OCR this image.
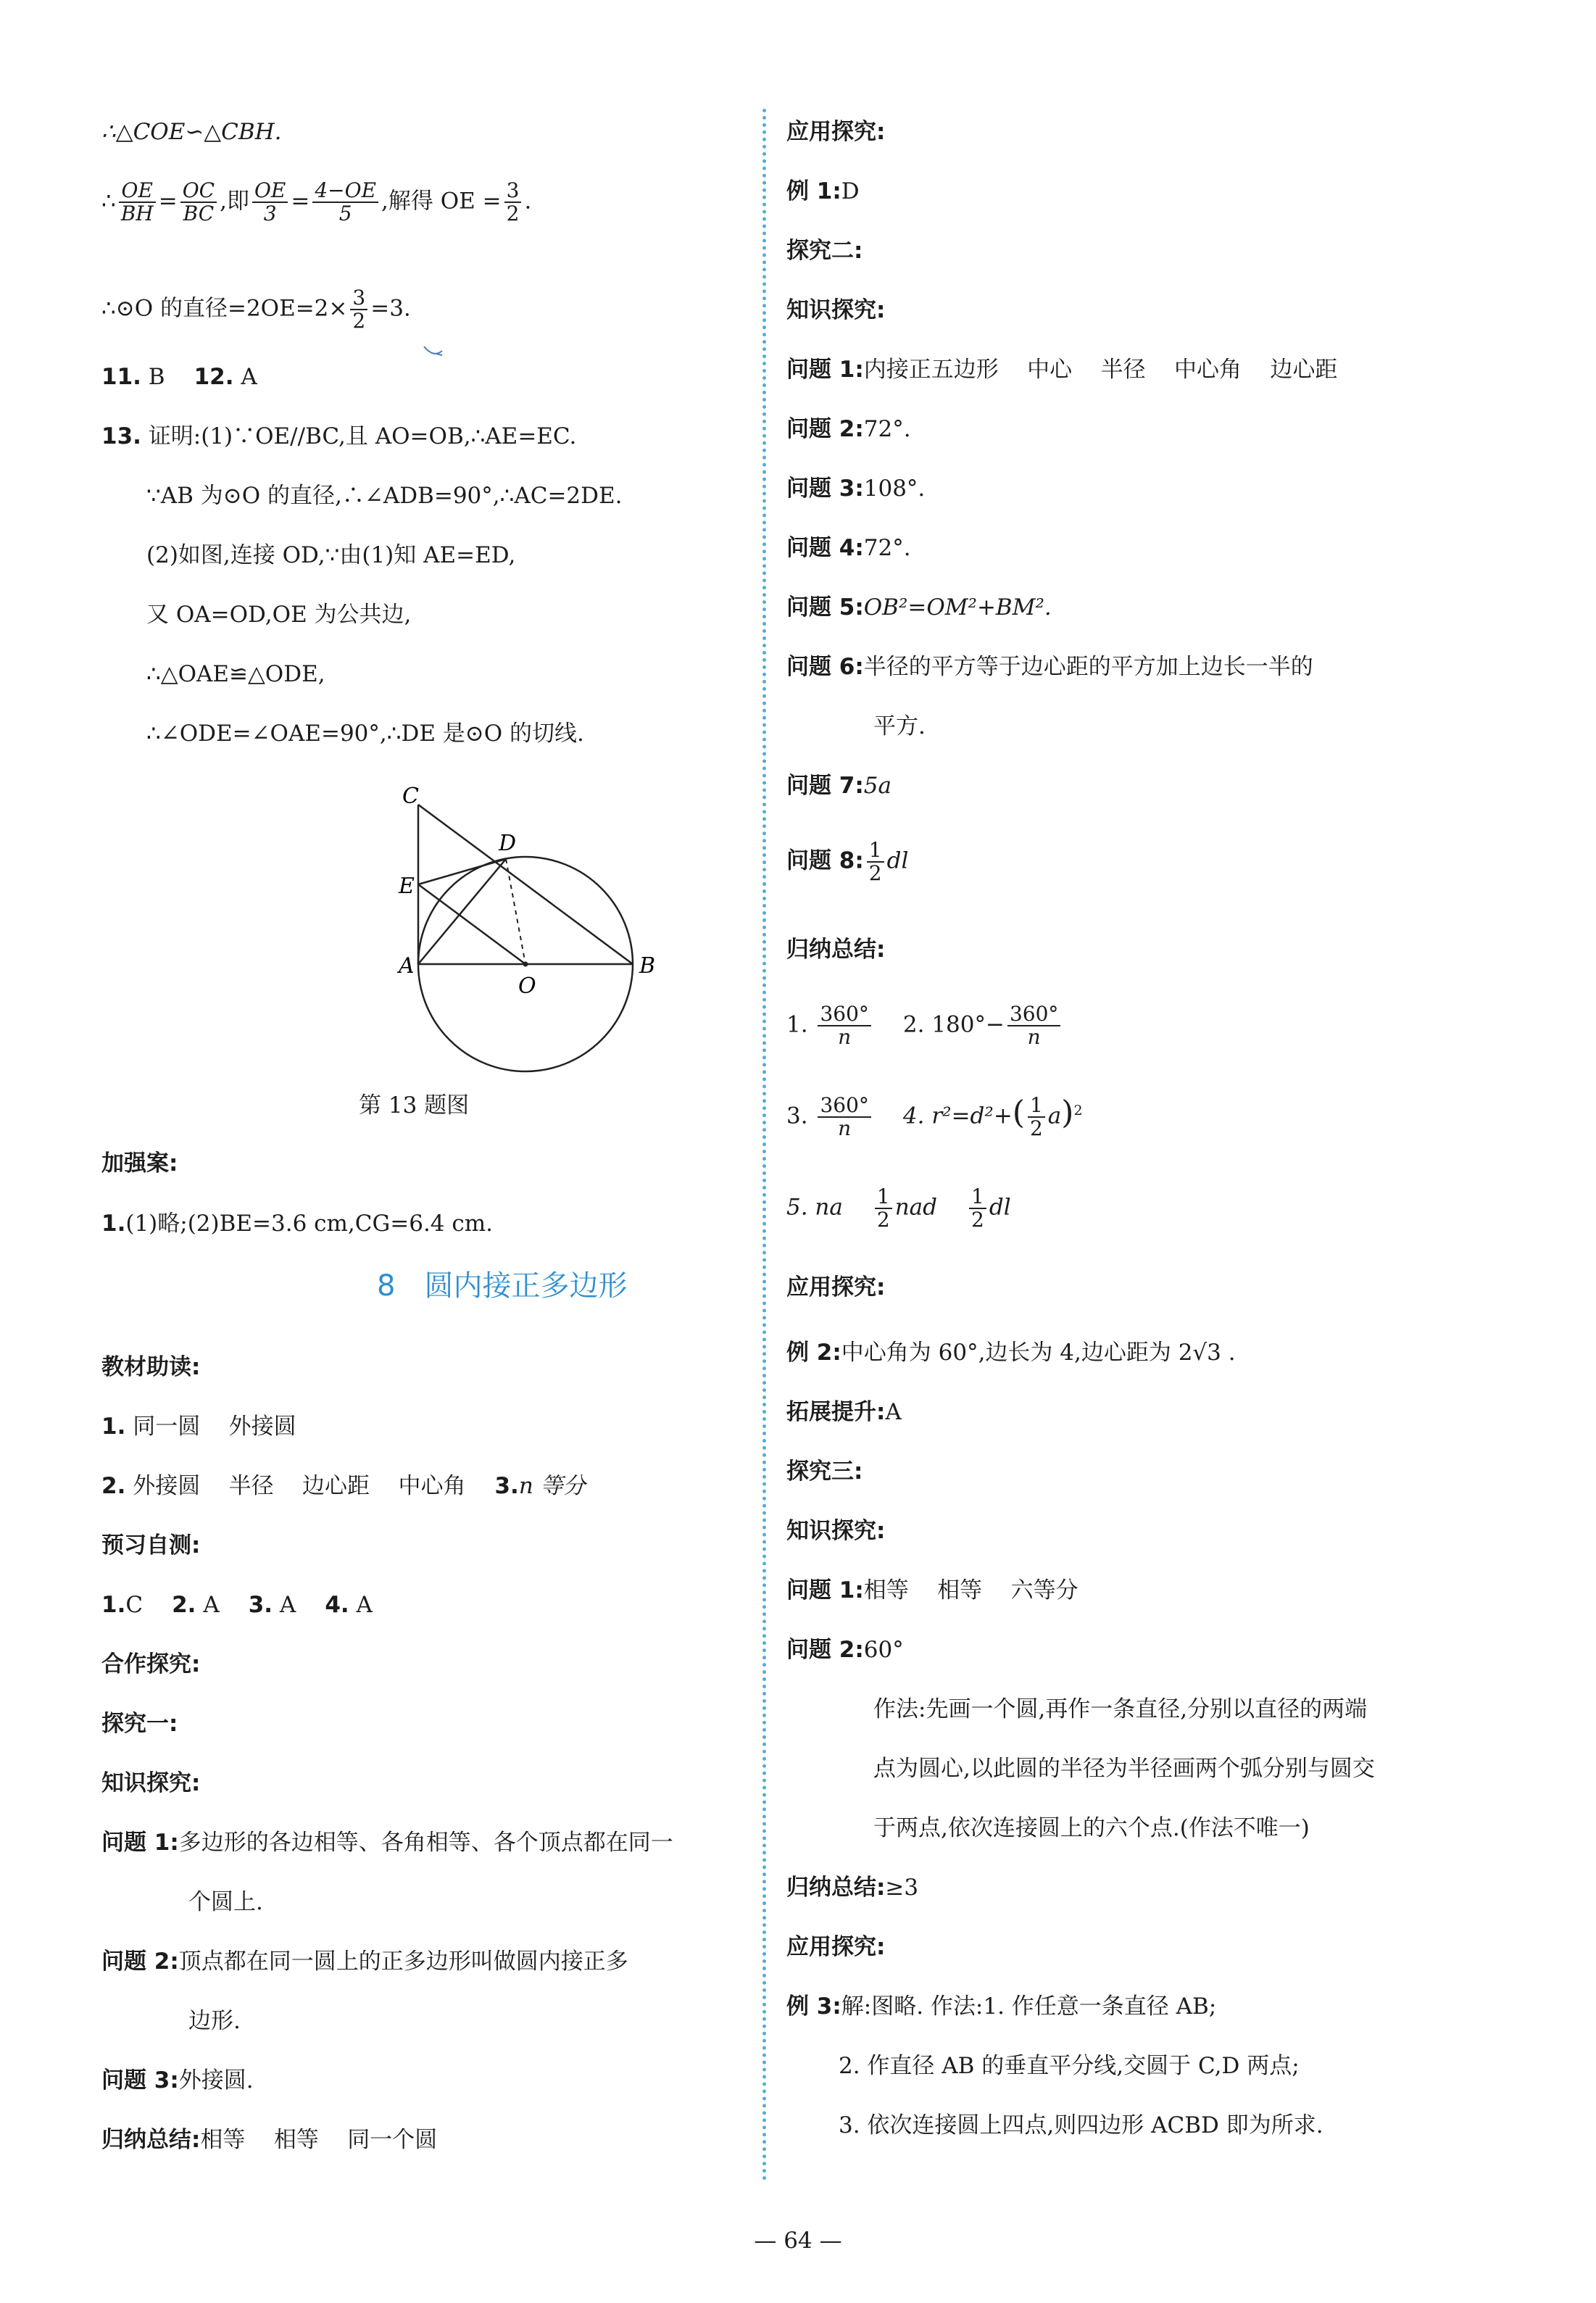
∴△COE∽△CBH.
∴ $\frac{OE}{BH} = \frac{OC}{BC}$ ,即 $\frac{OE}{3} = \frac{4-OE}{5}$ ,解得 OE = $\frac{3}{2}$ .
∴⊙O 的直径$=2OE=2\times \frac{3}{2} =3$.
11. B 12. A
13. 证明:(1)∵OE//BC,且 AO=OB,∴AE=EC.
∵AB 为⊙O 的直径,∴∠ADB=90°,∴AC=2DE.
(2)如图,连接 OD,∵由(1)知 AE=ED,
又 OA=OD,OE 为公共边,
∴△OAE≌△ODE,
∴∠ODE=∠OAE=90°,∴DE 是⊙O 的切线.
C
D
E
A
O
B
第 13 题图
加强案:
1.(1)略;(2)BE=3.6 cm,CG=6.4 cm.
8 圆内接正多边形
教材助读:
1. 同一圆    外接圆
2. 外接圆    半径    边心距    中心角 3.n 等分
预习自测:
1.C 2. A 3. A 4. A
合作探究:
探究一:
知识探究:
问题 1:多边形的各边相等、各角相等、各个顶点都在同一
个圆上.
问题 2:顶点都在同一圆上的正多边形叫做圆内接正多
边形.
问题 3:外接圆.
归纳总结:相等    相等    同一个圆
应用探究:
例 1:D
探究二:
知识探究:
问题 1:内接正五边形    中心    半径    中心角    边心距
问题 2:72°.
问题 3:108°.
问题 4:72°.
问题 5:OB²=OM²+BM².
问题 6:半径的平方等于边心距的平方加上边长一半的
平方.
问题 7:5a
问题 8: $\frac{1}{2}$ dl
归纳总结:
1. $\frac{360^\circ}{n} 2$. $180^\circ- \frac{360^\circ}{n}$
3. $\frac{360^\circ}{n} 4$. $r^2=d^2+( \frac{1}{2} a)^2$
5. na $\frac{1}{2}$ nad $\frac{1}{2}$ dl
应用探究:
例 2:中心角为 60°,边长为 4,边心距为 2√3 .
拓展提升:A
探究三:
知识探究:
问题 1:相等    相等    六等分
问题 2:60°
作法:先画一个圆,再作一条直径,分别以直径的两端
点为圆心,以此圆的半径为半径画两个弧分别与圆交
于两点,依次连接圆上的六个点.(作法不唯一)
归纳总结:≥3
应用探究:
例 3:解:图略. 作法:1. 作任意一条直径 AB;
2. 作直径 AB 的垂直平分线,交圆于 C,D 两点;
3. 依次连接圆上四点,则四边形 ACBD 即为所求.
— 64 —
